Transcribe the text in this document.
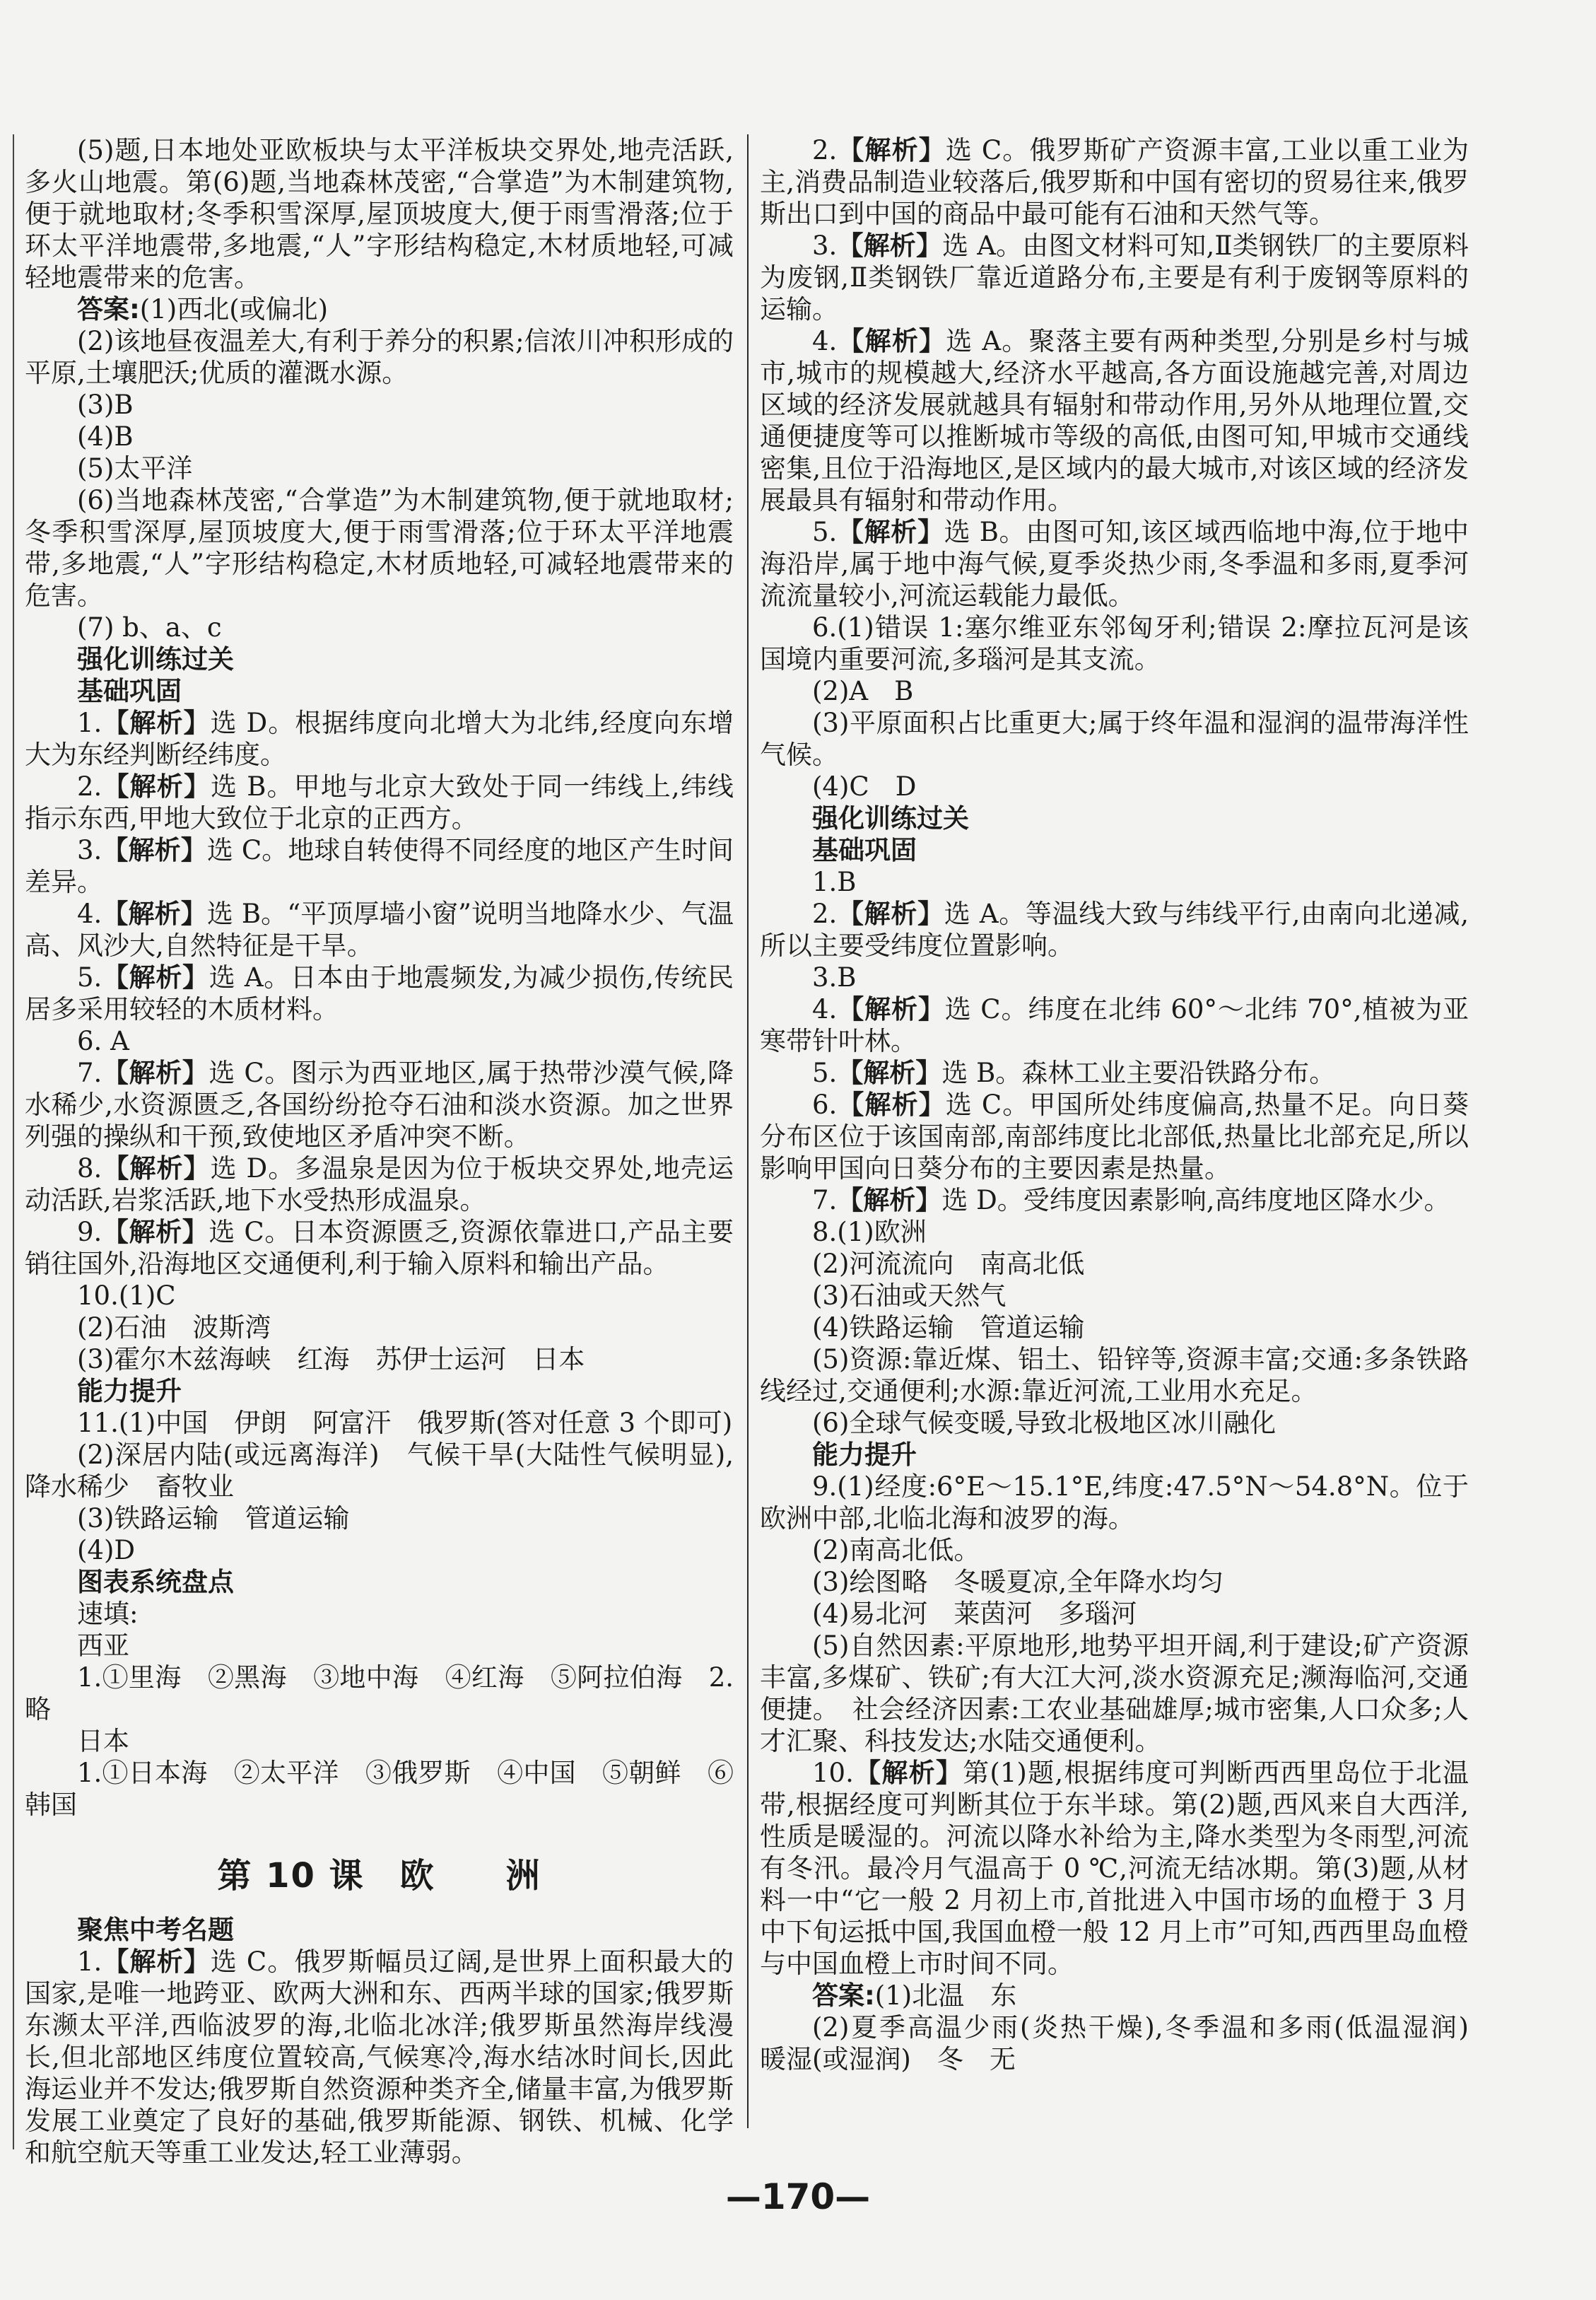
(5)题,日本地处亚欧板块与太平洋板块交界处,地壳活跃,多火山地震。第(6)题,当地森林茂密,“合掌造”为木制建筑物,便于就地取材;冬季积雪深厚,屋顶坡度大,便于雨雪滑落;位于环太平洋地震带,多地震,“人”字形结构稳定,木材质地轻,可减轻地震带来的危害。

答案:(1)西北(或偏北)

(2)该地昼夜温差大,有利于养分的积累;信浓川冲积形成的平原,土壤肥沃;优质的灌溉水源。

(3)B

(4)B

(5)太平洋

(6)当地森林茂密,“合掌造”为木制建筑物,便于就地取材;冬季积雪深厚,屋顶坡度大,便于雨雪滑落;位于环太平洋地震带,多地震,“人”字形结构稳定,木材质地轻,可减轻地震带来的危害。

(7) b、a、c

强化训练过关

基础巩固

1.【解析】选 D。根据纬度向北增大为北纬,经度向东增大为东经判断经纬度。

2.【解析】选 B。甲地与北京大致处于同一纬线上,纬线指示东西,甲地大致位于北京的正西方。

3.【解析】选 C。地球自转使得不同经度的地区产生时间差异。

4.【解析】选 B。“平顶厚墙小窗”说明当地降水少、气温高、风沙大,自然特征是干旱。

5.【解析】选 A。日本由于地震频发,为减少损伤,传统民居多采用较轻的木质材料。

6. A

7.【解析】选 C。图示为西亚地区,属于热带沙漠气候,降水稀少,水资源匮乏,各国纷纷抢夺石油和淡水资源。加之世界列强的操纵和干预,致使地区矛盾冲突不断。

8.【解析】选 D。多温泉是因为位于板块交界处,地壳运动活跃,岩浆活跃,地下水受热形成温泉。

9.【解析】选 C。日本资源匮乏,资源依靠进口,产品主要销往国外,沿海地区交通便利,利于输入原料和输出产品。

10.(1)C

(2)石油　波斯湾

(3)霍尔木兹海峡　红海　苏伊士运河　日本

能力提升

11.(1)中国　伊朗　阿富汗　俄罗斯(答对任意 3 个即可)

(2)深居内陆(或远离海洋)　气候干旱(大陆性气候明显),降水稀少　畜牧业

(3)铁路运输　管道运输

(4)D

图表系统盘点

速填:

西亚

1.①里海　②黑海　③地中海　④红海　⑤阿拉伯海　2.略

日本

1.①日本海　②太平洋　③俄罗斯　④中国　⑤朝鲜　⑥韩国

第 10 课　欧　　洲

聚焦中考名题

1.【解析】选 C。俄罗斯幅员辽阔,是世界上面积最大的国家,是唯一地跨亚、欧两大洲和东、西两半球的国家;俄罗斯东濒太平洋,西临波罗的海,北临北冰洋;俄罗斯虽然海岸线漫长,但北部地区纬度位置较高,气候寒冷,海水结冰时间长,因此海运业并不发达;俄罗斯自然资源种类齐全,储量丰富,为俄罗斯发展工业奠定了良好的基础,俄罗斯能源、钢铁、机械、化学和航空航天等重工业发达,轻工业薄弱。

2.【解析】选 C。俄罗斯矿产资源丰富,工业以重工业为主,消费品制造业较落后,俄罗斯和中国有密切的贸易往来,俄罗斯出口到中国的商品中最可能有石油和天然气等。

3.【解析】选 A。由图文材料可知,Ⅱ类钢铁厂的主要原料为废钢,Ⅱ类钢铁厂靠近道路分布,主要是有利于废钢等原料的运输。

4.【解析】选 A。聚落主要有两种类型,分别是乡村与城市,城市的规模越大,经济水平越高,各方面设施越完善,对周边区域的经济发展就越具有辐射和带动作用,另外从地理位置,交通便捷度等可以推断城市等级的高低,由图可知,甲城市交通线密集,且位于沿海地区,是区域内的最大城市,对该区域的经济发展最具有辐射和带动作用。

5.【解析】选 B。由图可知,该区域西临地中海,位于地中海沿岸,属于地中海气候,夏季炎热少雨,冬季温和多雨,夏季河流流量较小,河流运载能力最低。

6.(1)错误 1:塞尔维亚东邻匈牙利;错误 2:摩拉瓦河是该国境内重要河流,多瑙河是其支流。

(2)A　B

(3)平原面积占比重更大;属于终年温和湿润的温带海洋性气候。

(4)C　D

强化训练过关

基础巩固

1.B

2.【解析】选 A。等温线大致与纬线平行,由南向北递减,所以主要受纬度位置影响。

3.B

4.【解析】选 C。纬度在北纬 60°～北纬 70°,植被为亚寒带针叶林。

5.【解析】选 B。森林工业主要沿铁路分布。

6.【解析】选 C。甲国所处纬度偏高,热量不足。向日葵分布区位于该国南部,南部纬度比北部低,热量比北部充足,所以影响甲国向日葵分布的主要因素是热量。

7.【解析】选 D。受纬度因素影响,高纬度地区降水少。

8.(1)欧洲

(2)河流流向　南高北低

(3)石油或天然气

(4)铁路运输　管道运输

(5)资源:靠近煤、铝土、铅锌等,资源丰富;交通:多条铁路线经过,交通便利;水源:靠近河流,工业用水充足。

(6)全球气候变暖,导致北极地区冰川融化

能力提升

9.(1)经度:6°E～15.1°E,纬度:47.5°N～54.8°N。位于欧洲中部,北临北海和波罗的海。

(2)南高北低。

(3)绘图略　冬暖夏凉,全年降水均匀

(4)易北河　莱茵河　多瑙河

(5)自然因素:平原地形,地势平坦开阔,利于建设;矿产资源丰富,多煤矿、铁矿;有大江大河,淡水资源充足;濒海临河,交通便捷。　社会经济因素:工农业基础雄厚;城市密集,人口众多;人才汇聚、科技发达;水陆交通便利。

10.【解析】第(1)题,根据纬度可判断西西里岛位于北温带,根据经度可判断其位于东半球。第(2)题,西风来自大西洋,性质是暖湿的。河流以降水补给为主,降水类型为冬雨型,河流有冬汛。最冷月气温高于 0 ℃,河流无结冰期。第(3)题,从材料一中“它一般 2 月初上市,首批进入中国市场的血橙于 3 月中下旬运抵中国,我国血橙一般 12 月上市”可知,西西里岛血橙与中国血橙上市时间不同。

答案:(1)北温　东

(2)夏季高温少雨(炎热干燥),冬季温和多雨(低温湿润)　暖湿(或湿润)　冬　无

—170—
